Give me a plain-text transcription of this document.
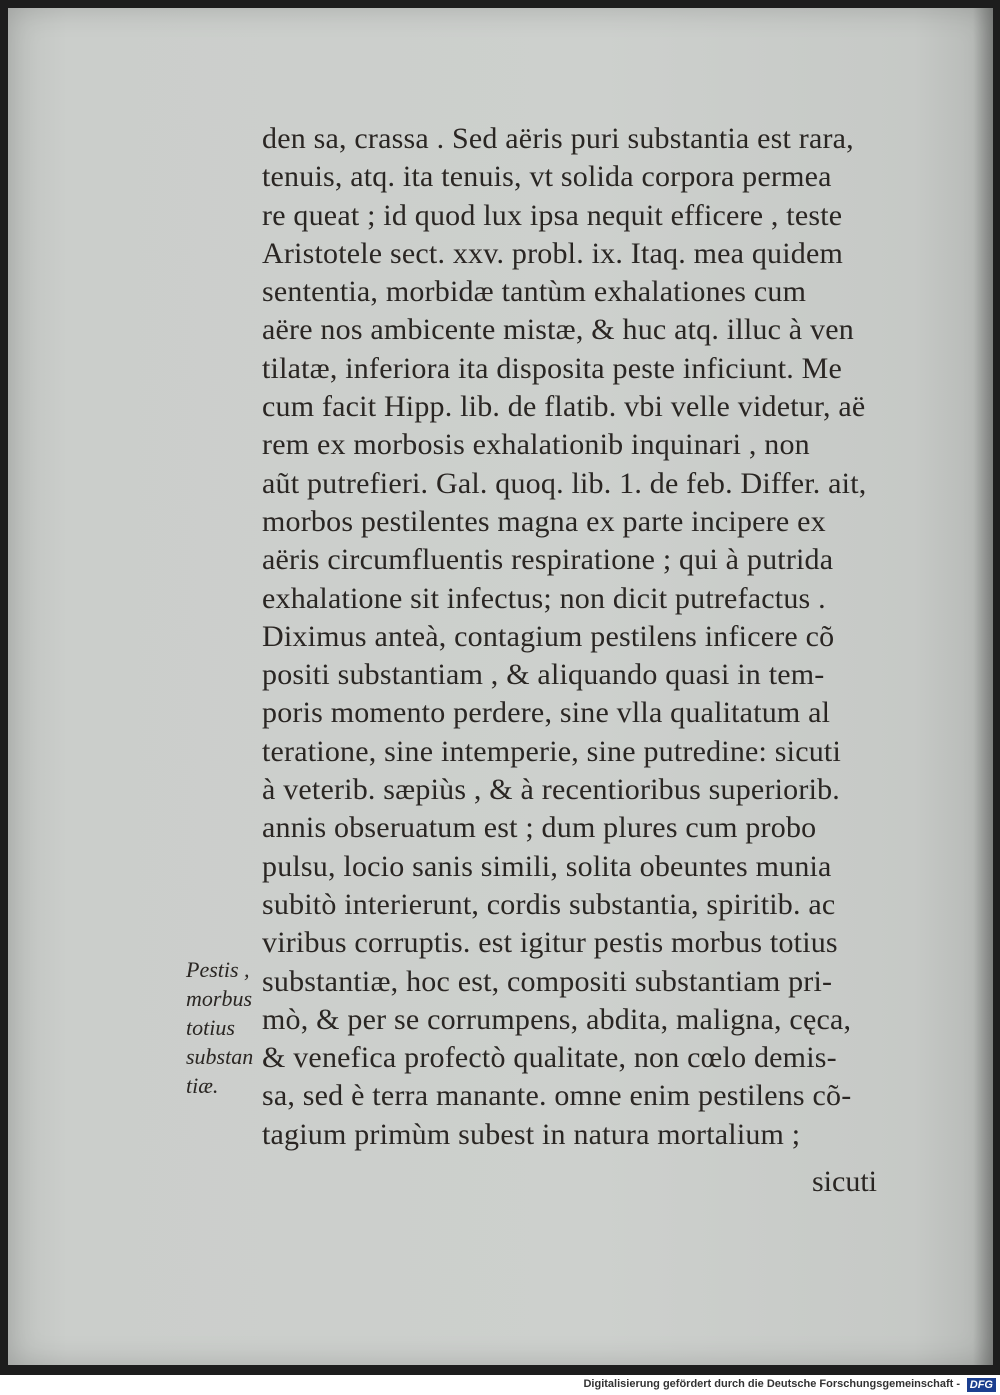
den sa, crassa . Sed aëris puri substantia est rara,
tenuis, atq. ita tenuis, vt solida corpora permea
re queat ; id quod lux ipsa nequit efficere , teste
Aristotele sect. xxv. probl. ix. Itaq. mea quidem
sententia, morbidæ tantùm exhalationes cum
aëre nos ambicente mistæ, & huc atq. illuc à ven
tilatæ, inferiora ita disposita peste inficiunt. Me
cum facit Hipp. lib. de flatib. vbi velle videtur, aë
rem ex morbosis exhalationib inquinari , non
aũt putrefieri. Gal. quoq. lib. 1. de feb. Differ. ait,
morbos pestilentes magna ex parte incipere ex
aëris circumfluentis respiratione ; qui à putrida
exhalatione sit infectus; non dicit putrefactus .
Diximus anteà, contagium pestilens inficere cõ
positi substantiam , & aliquando quasi in tem-
poris momento perdere, sine vlla qualitatum al
teratione, sine intemperie, sine putredine: sicuti
à veterib. sæpiùs , & à recentioribus superiorib.
annis obseruatum est ; dum plures cum probo
pulsu, locio sanis simili, solita obeuntes munia
subitò interierunt, cordis substantia, spiritib. ac
viribus corruptis. est igitur pestis morbus totius
substantiæ, hoc est, compositi substantiam pri-
mò, & per se corrumpens, abdita, maligna, cęca,
& venefica profectò qualitate, non cœlo demis-
sa, sed è terra manante. omne enim pestilens cõ-
tagium primùm subest in natura mortalium ;
sicuti
Pestis ,
morbus
totius
substan
tiæ.
Digitalisierung gefördert durch die Deutsche Forschungsgemeinschaft - DFG
